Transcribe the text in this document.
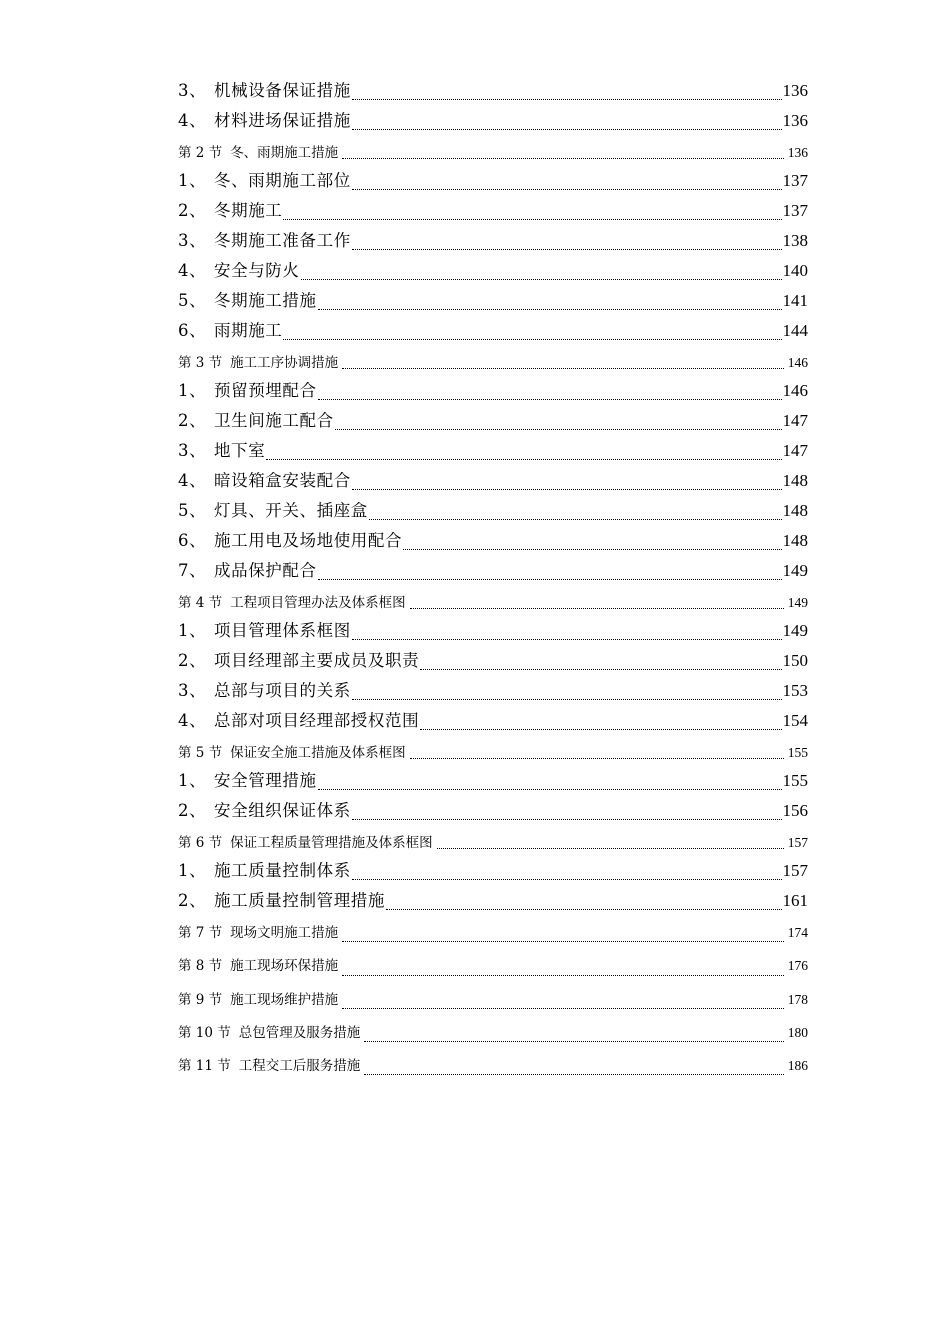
3、 机械设备保证措施	136
4、 材料进场保证措施	136
第 2 节 冬、雨期施工措施	136
1、 冬、雨期施工部位	137
2、 冬期施工	137
3、 冬期施工准备工作	138
4、 安全与防火	140
5、 冬期施工措施	141
6、 雨期施工	144
第 3 节 施工工序协调措施	146
1、 预留预埋配合	146
2、 卫生间施工配合	147
3、 地下室	147
4、 暗设箱盒安装配合	148
5、 灯具、开关、插座盒	148
6、 施工用电及场地使用配合	148
7、 成品保护配合	149
第 4 节 工程项目管理办法及体系框图	149
1、 项目管理体系框图	149
2、 项目经理部主要成员及职责	150
3、 总部与项目的关系	153
4、 总部对项目经理部授权范围	154
第 5 节 保证安全施工措施及体系框图	155
1、 安全管理措施	155
2、 安全组织保证体系	156
第 6 节 保证工程质量管理措施及体系框图	157
1、 施工质量控制体系	157
2、 施工质量控制管理措施	161
第 7 节 现场文明施工措施	174
第 8 节 施工现场环保措施	176
第 9 节 施工现场维护措施	178
第 10 节 总包管理及服务措施	180
第 11 节 工程交工后服务措施	186
